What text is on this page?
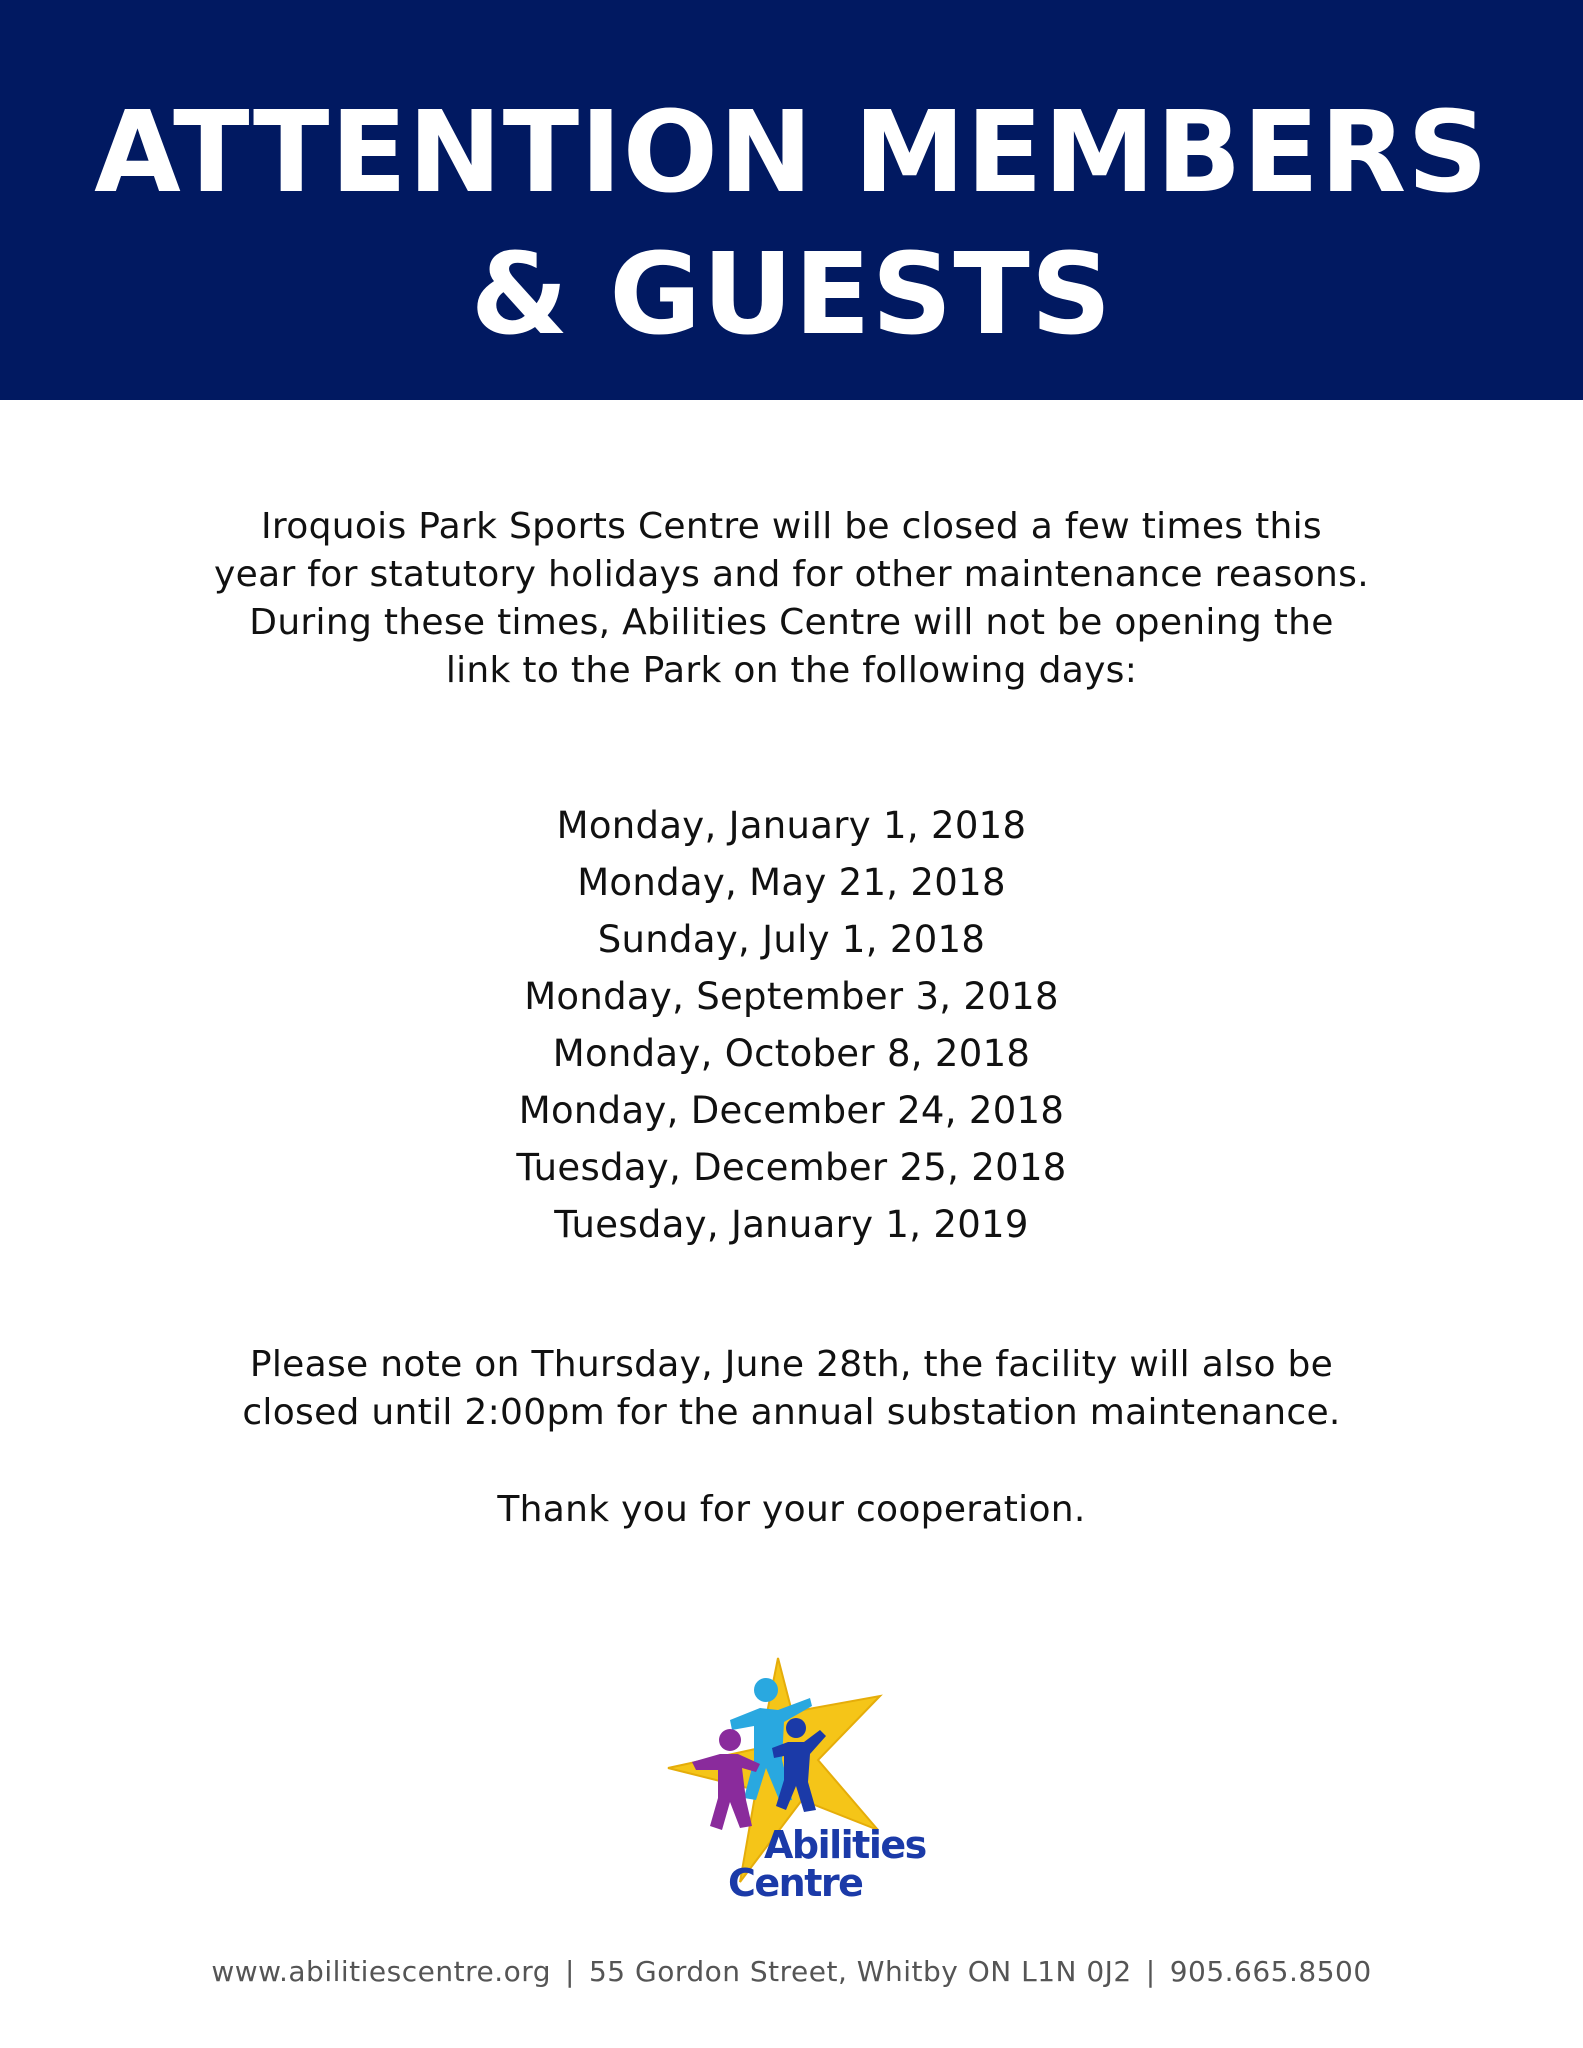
ATTENTION MEMBERS
& GUESTS
Iroquois Park Sports Centre will be closed a few times this
year for statutory holidays and for other maintenance reasons.
During these times, Abilities Centre will not be opening the
link to the Park on the following days:
Monday, January 1, 2018
Monday, May 21, 2018
Sunday, July 1, 2018
Monday, September 3, 2018
Monday, October 8, 2018
Monday, December 24, 2018
Tuesday, December 25, 2018
Tuesday, January 1, 2019
Please note on Thursday, June 28th, the facility will also be
closed until 2:00pm for the annual substation maintenance.
Thank you for your cooperation.
Abilities
Centre
www.abilitiescentre.org | 55 Gordon Street, Whitby ON L1N 0J2 | 905.665.8500
